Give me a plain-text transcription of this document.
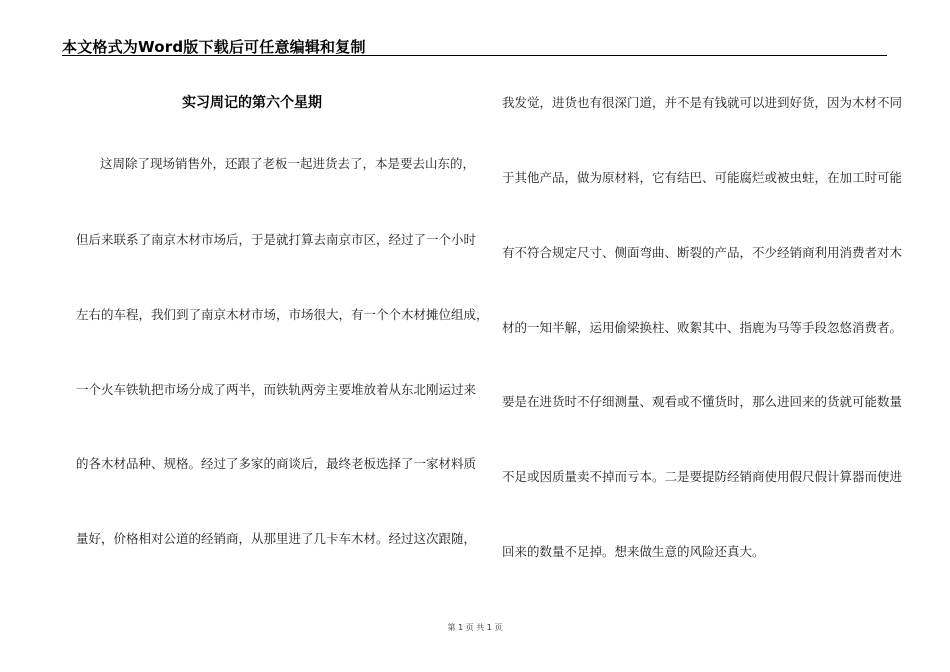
本文格式为Word版下载后可任意编辑和复制
实习周记的第六个星期
这周除了现场销售外，还跟了老板一起进货去了，本是要去山东的，
但后来联系了南京木材市场后，于是就打算去南京市区，经过了一个小时
左右的车程，我们到了南京木材市场，市场很大，有一个个木材摊位组成，
一个火车铁轨把市场分成了两半，而铁轨两旁主要堆放着从东北刚运过来
的各木材品种、规格。经过了多家的商谈后，最终老板选择了一家材料质
量好，价格相对公道的经销商，从那里进了几卡车木材。经过这次跟随，
我发觉，进货也有很深门道，并不是有钱就可以进到好货，因为木材不同
于其他产品，做为原材料，它有结巴、可能腐烂或被虫蛀，在加工时可能
有不符合规定尺寸、侧面弯曲、断裂的产品，不少经销商利用消费者对木
材的一知半解，运用偷梁换柱、败絮其中、指鹿为马等手段忽悠消费者。
要是在进货时不仔细测量、观看或不懂货时，那么进回来的货就可能数量
不足或因质量卖不掉而亏本。二是要提防经销商使用假尺假计算器而使进
回来的数量不足掉。想来做生意的风险还真大。
第 1 页 共 1 页
